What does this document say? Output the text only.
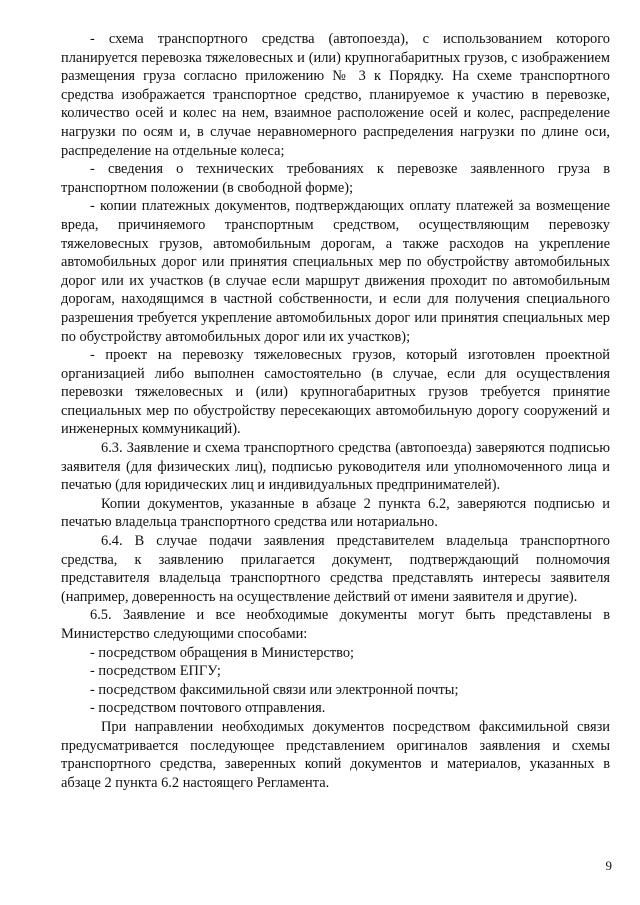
- схема транспортного средства (автопоезда), с использованием которого планируется перевозка тяжеловесных и (или) крупногабаритных грузов, с изображением размещения груза согласно приложению № 3 к Порядку. На схеме транспортного средства изображается транспортное средство, планируемое к участию в перевозке, количество осей и колес на нем, взаимное расположение осей и колес, распределение нагрузки по осям и, в случае неравномерного распределения нагрузки по длине оси, распределение на отдельные колеса;

- сведения о технических требованиях к перевозке заявленного груза в транспортном положении (в свободной форме);

- копии платежных документов, подтверждающих оплату платежей за возмещение вреда, причиняемого транспортным средством, осуществляющим перевозку тяжеловесных грузов, автомобильным дорогам, а также расходов на укрепление автомобильных дорог или принятия специальных мер по обустройству автомобильных дорог или их участков (в случае если маршрут движения проходит по автомобильным дорогам, находящимся в частной собственности, и если для получения специального разрешения требуется укрепление автомобильных дорог или принятия специальных мер по обустройству автомобильных дорог или их участков);

- проект на перевозку тяжеловесных грузов, который изготовлен проектной организацией либо выполнен самостоятельно (в случае, если для осуществления перевозки тяжеловесных и (или) крупногабаритных грузов требуется принятие специальных мер по обустройству пересекающих автомобильную дорогу сооружений и инженерных коммуникаций).

6.3. Заявление и схема транспортного средства (автопоезда) заверяются подписью заявителя (для физических лиц), подписью руководителя или уполномоченного лица и печатью (для юридических лиц и индивидуальных предпринимателей).

Копии документов, указанные в абзаце 2 пункта 6.2, заверяются подписью и печатью владельца транспортного средства или нотариально.

6.4. В случае подачи заявления представителем владельца транспортного средства, к заявлению прилагается документ, подтверждающий полномочия представителя владельца транспортного средства представлять интересы заявителя (например, доверенность на осуществление действий от имени заявителя и другие).

6.5. Заявление и все необходимые документы могут быть представлены в Министерство следующими способами:

- посредством обращения в Министерство;

- посредством ЕПГУ;

- посредством факсимильной связи или электронной почты;

- посредством почтового отправления.

При направлении необходимых документов посредством факсимильной связи предусматривается последующее представлением оригиналов заявления и схемы транспортного средства, заверенных копий документов и материалов, указанных в абзаце 2 пункта 6.2 настоящего Регламента.

9
